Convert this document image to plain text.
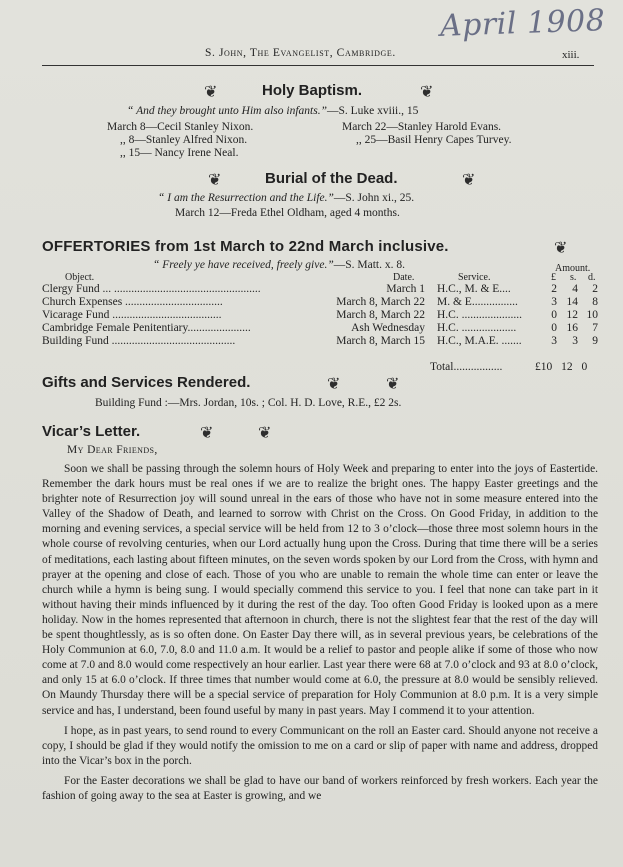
April 1908
S. John, The Evangelist, Cambridge.	xiii.
❦	Holy Baptism.	❦
“ And they brought unto Him also infants.”—S. Luke xviii., 15
March 8—Cecil Stanley Nixon.
,, 8—Stanley Alfred Nixon.
,, 15— Nancy Irene Neal.
March 22—Stanley Harold Evans.
,, 25—Basil Henry Capes Turvey.
❦	Burial of the Dead.	❦
“ I am the Resurrection and the Life.”—S. John xi., 25.
March 12—Freda Ethel Oldham, aged 4 months.
OFFERTORIES from 1st March to 22nd March inclusive.	❦
“ Freely ye have received, freely give.”—S. Matt. x. 8.	Amount.
Object.	Date.	Service.	£ s. d.
Clergy Fund ... ...................................................	March 1 H.C., M. & E....	2	4	2
Church Expenses ..................................	March 8, March 22 M. & E................	3 14	8
Vicarage Fund ......................................	March 8, March 22 H.C. .....................	0 12 10
Cambridge Female Penitentiary......................	Ash Wednesday H.C. ...................	0 16	7
Building Fund ...........................................	March 8, March 15 H.C., M.A.E. .......	3	3	9
Total.................	£10 12 0
Gifts and Services Rendered.	❦	❦
Building Fund :—Mrs. Jordan, 10s. ; Col. H. D. Love, R.E., £2 2s.
Vicar’s Letter.	❦	❦
My Dear Friends,

Soon we shall be passing through the solemn hours of Holy Week and preparing to enter into the joys of Eastertide. Remember the dark hours must be real ones if we are to realize the bright ones. The happy Easter greetings and the brighter note of Resurrection joy will sound unreal in the ears of those who have not in some measure entered into the Valley of the Shadow of Death, and learned to sorrow with Christ on the Cross. On Good Friday, in addition to the morning and evening services, a special service will be held from 12 to 3 o’clock—those three most solemn hours in the whole course of revolving centuries, when our Lord actually hung upon the Cross. During that time there will be a series of meditations, each lasting about fifteen minutes, on the seven words spoken by our Lord from the Cross, with hymn and prayer at the opening and close of each. Those of you who are unable to remain the whole time can enter or leave the church while a hymn is being sung. I would specially commend this service to you. I feel that none can take part in it without having their minds influenced by it during the rest of the day. Too often Good Friday is looked upon as a mere holiday. Now in the homes represented that afternoon in church, there is not the slightest fear that the rest of the day will be spent thoughtlessly, as is so often done. On Easter Day there will, as in several previous years, be celebrations of the Holy Communion at 6.0, 7.0, 8.0 and 11.0 a.m. It would be a relief to pastor and people alike if some of those who now come at 7.0 and 8.0 would come respectively an hour earlier. Last year there were 68 at 7.0 o’clock and 93 at 8.0 o’clock, and only 15 at 6.0 o’clock. If three times that number would come at 6.0, the pressure at 8.0 would be sensibly relieved. On Maundy Thursday there will be a special service of preparation for Holy Communion at 8.0 p.m. It is a very simple service and has, I understand, been found useful by many in past years. May I commend it to your attention.

I hope, as in past years, to send round to every Communicant on the roll an Easter card. Should anyone not receive a copy, I should be glad if they would notify the omission to me on a card or slip of paper with name and address, dropped into the Vicar’s box in the porch.

For the Easter decorations we shall be glad to have our band of workers reinforced by fresh workers. Each year the fashion of going away to the sea at Easter is growing, and we
